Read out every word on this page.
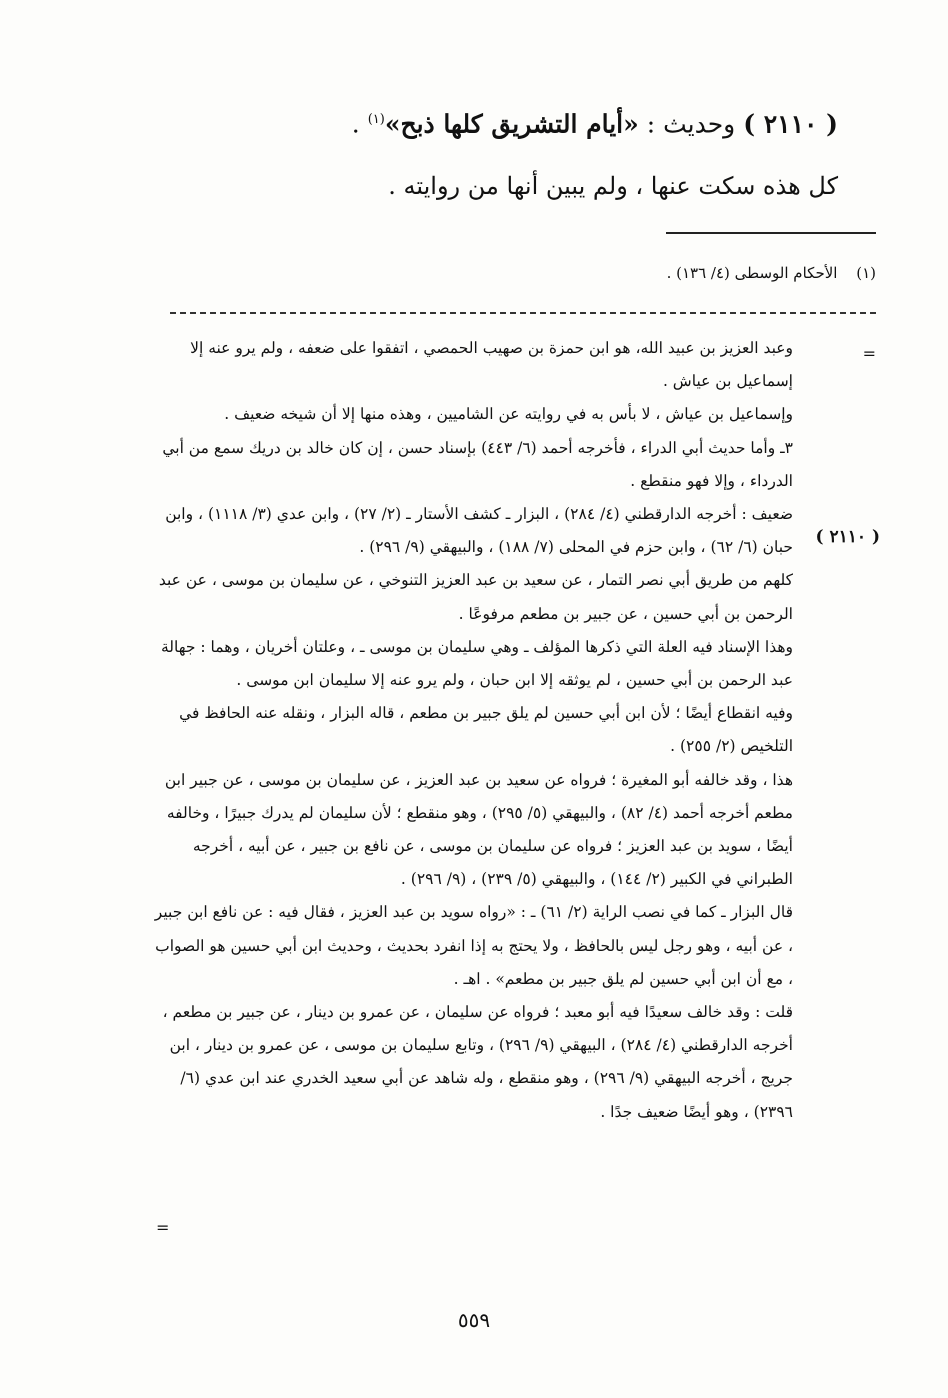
( ٢١١٠ ) وحديث : «أيام التشريق كلها ذبح»$^{(١)}$ .
كل هذه سكت عنها ، ولم يبين أنها من روايته .
(١) الأحكام الوسطى (٤/ ١٣٦) .
=
( ٢١١٠ )

وعبد العزيز بن عبيد الله، هو ابن حمزة بن صهيب الحمصي ، اتفقوا على ضعفه ، ولم يرو عنه إلا إسماعيل بن عياش .

وإسماعيل بن عياش ، لا بأس به في روايته عن الشاميين ، وهذه منها إلا أن شيخه ضعيف .

٣ـ وأما حديث أبي الدراء ، فأخرجه أحمد (٦/ ٤٤٣) بإسناد حسن ، إن كان خالد بن دريك سمع من أبي الدرداء ، وإلا فهو منقطع .

ضعيف : أخرجه الدارقطني (٤/ ٢٨٤) ، البزار ـ كشف الأستار ـ (٢/ ٢٧) ، وابن عدي (٣/ ١١١٨) ، وابن حبان (٦/ ٦٢) ، وابن حزم في المحلى (٧/ ١٨٨) ، والبيهقي (٩/ ٢٩٦) .

كلهم من طريق أبي نصر التمار ، عن سعيد بن عبد العزيز التنوخي ، عن سليمان بن موسى ، عن عبد الرحمن بن أبي حسين ، عن جبير بن مطعم مرفوعًا .

وهذا الإسناد فيه العلة التي ذكرها المؤلف ـ وهي سليمان بن موسى ـ ، وعلتان أخريان ، وهما : جهالة عبد الرحمن بن أبي حسين ، لم يوثقه إلا ابن حبان ، ولم يرو عنه إلا سليمان ابن موسى .

وفيه انقطاع أيضًا ؛ لأن ابن أبي حسين لم يلق جبير بن مطعم ، قاله البزار ، ونقله عنه الحافظ في التلخيص (٢/ ٢٥٥) .

هذا ، وقد خالفه أبو المغيرة ؛ فرواه عن سعيد بن عبد العزيز ، عن سليمان بن موسى ، عن جبير ابن مطعم أخرجه أحمد (٤/ ٨٢) ، والبيهقي (٥/ ٢٩٥) ، وهو منقطع ؛ لأن سليمان لم يدرك جبيرًا ، وخالفه أيضًا ، سويد بن عبد العزيز ؛ فرواه عن سليمان بن موسى ، عن نافع بن جبير ، عن أبيه ، أخرجه الطبراني في الكبير (٢/ ١٤٤) ، والبيهقي (٥/ ٢٣٩) ، (٩/ ٢٩٦) .

قال البزار ـ كما في نصب الراية (٢/ ٦١) ـ : «رواه سويد بن عبد العزيز ، فقال فيه : عن نافع ابن جبير ، عن أبيه ، وهو رجل ليس بالحافظ ، ولا يحتج به إذا انفرد بحديث ، وحديث ابن أبي حسين هو الصواب ، مع أن ابن أبي حسين لم يلق جبير بن مطعم» . اهـ .

قلت : وقد خالف سعيدًا فيه أبو معبد ؛ فرواه عن سليمان ، عن عمرو بن دينار ، عن جبير بن مطعم ، أخرجه الدارقطني (٤/ ٢٨٤) ، البيهقي (٩/ ٢٩٦) ، وتابع سليمان بن موسى ، عن عمرو بن دينار ، ابن جريج ، أخرجه البيهقي (٩/ ٢٩٦) ، وهو منقطع ، وله شاهد عن أبي سعيد الخدري عند ابن عدي (٦/ ٢٣٩٦) ، وهو أيضًا ضعيف جدًا .

=
٥٥٩
